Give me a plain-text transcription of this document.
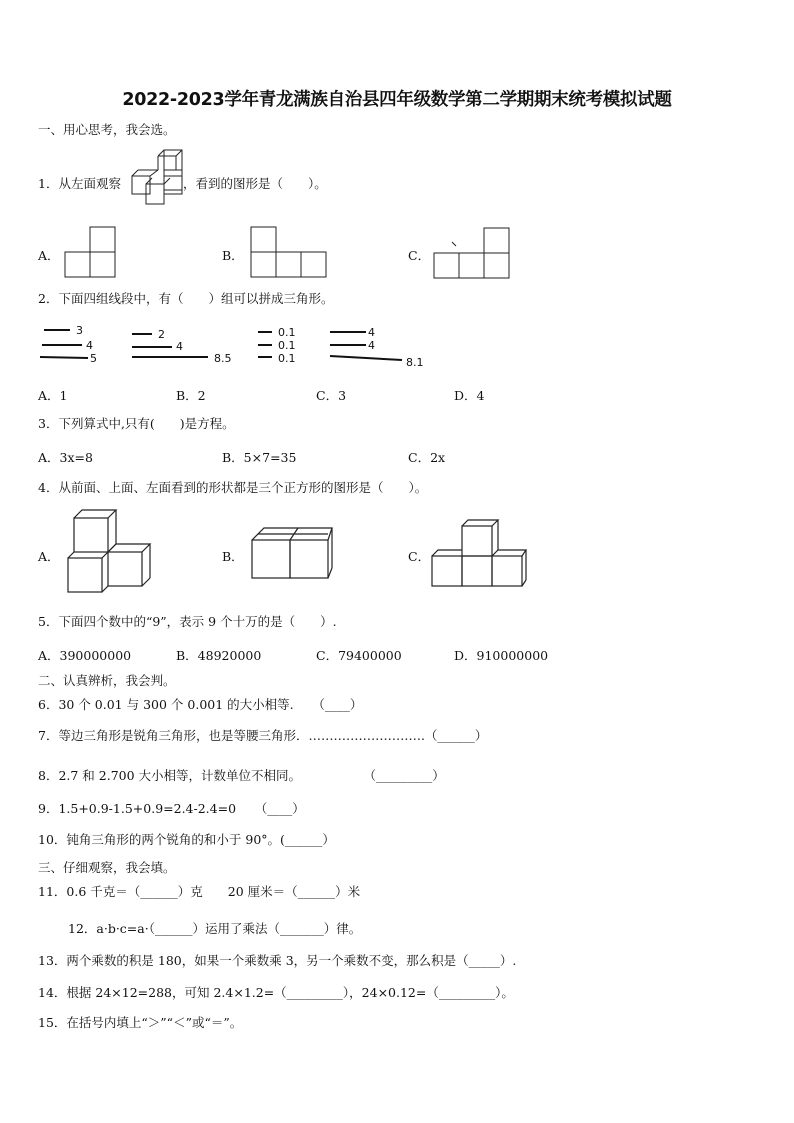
2022-2023学年青龙满族自治县四年级数学第二学期期末统考模拟试题
一、用心思考，我会选。
1．从左面观察	，看到的图形是（　　）。
A．	B．	C．
2．下面四组线段中，有（　　）组可以拼成三角形。
3
4
5
2
4
8.5
0.1
0.1
0.1
4
4
8.1
A．1	B．2	C．3	D．4
3．下列算式中,只有(　　)是方程。
A．3x=8	B．5×7=35	C．2x
4．从前面、上面、左面看到的形状都是三个正方形的图形是（　　）。
A．	B．	C．
5．下面四个数中的“9”，表示 9 个十万的是（　　）.
A．390000000	B．48920000	C．79400000	D．910000000
二、认真辨析，我会判。
6．30 个 0.01 与 300 个 0.001 的大小相等.　　（____）
7．等边三角形是锐角三角形，也是等腰三角形．……………………….（______）
8．2.7 和 2.700 大小相等，计数单位不相同。　　　　　　（_________）
9．1.5+0.9-1.5+0.9=2.4-2.4=0　　（____）
10．钝角三角形的两个锐角的和小于 90°。(______）
三、仔细观察，我会填。
11．0.6 千克＝（______）克　　20 厘米＝（______）米
12．a·b·c=a·（______）运用了乘法（_______）律。
13．两个乘数的积是 180，如果一个乘数乘 3，另一个乘数不变，那么积是（_____）.
14．根据 24×12=288，可知 2.4×1.2=（_________），24×0.12=（_________）。
15．在括号内填上“＞”“＜”或“＝”。
